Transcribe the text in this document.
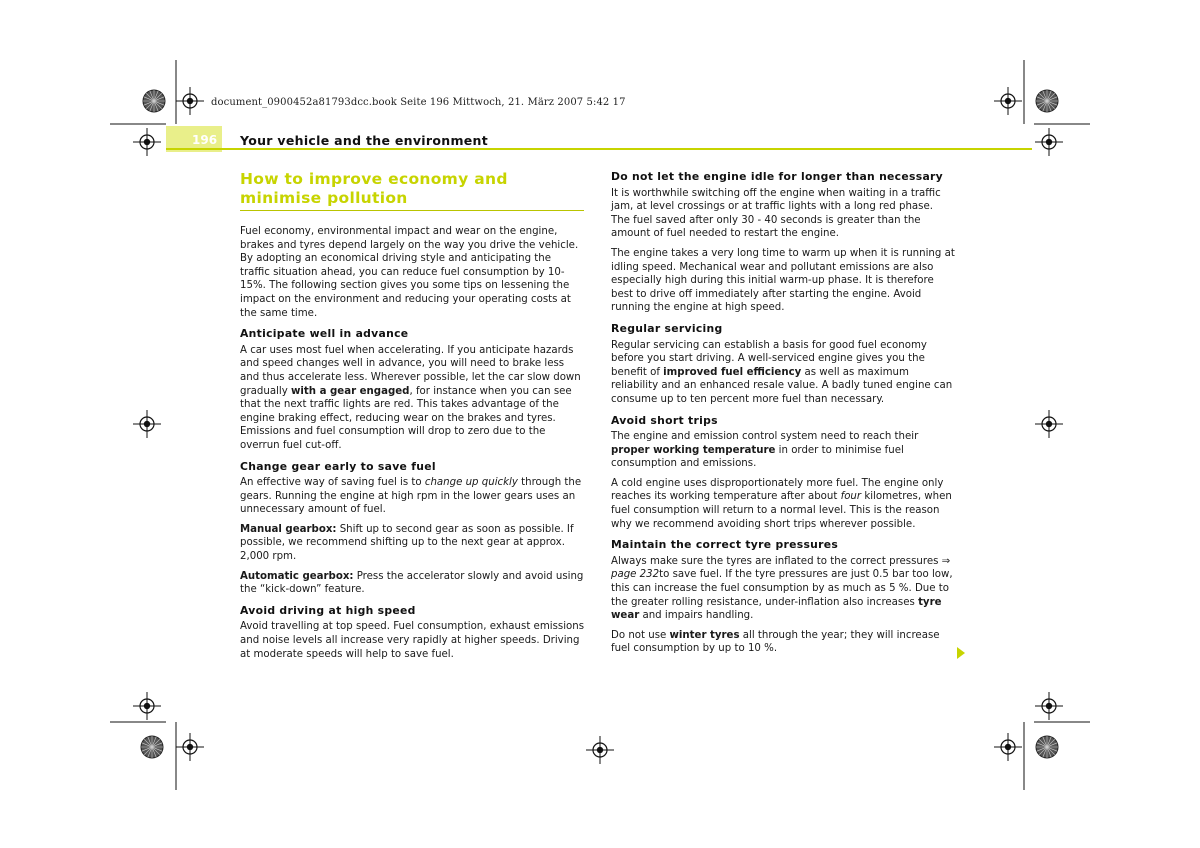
document_0900452a81793dcc.book Seite 196 Mittwoch, 21. März 2007 5:42 17
196 Your vehicle and the environment
How to improve economy and minimise pollution

Fuel economy, environmental impact and wear on the engine, brakes and tyres depend largely on the way you drive the vehicle. By adopting an economical driving style and anticipating the traffic situation ahead, you can reduce fuel consumption by 10-15%. The following section gives you some tips on lessening the impact on the environment and reducing your operating costs at the same time.

Anticipate well in advance

A car uses most fuel when accelerating. If you anticipate hazards and speed changes well in advance, you will need to brake less and thus accelerate less. Wherever possible, let the car slow down gradually with a gear engaged, for instance when you can see that the next traffic lights are red. This takes advantage of the engine braking effect, reducing wear on the brakes and tyres. Emissions and fuel consumption will drop to zero due to the overrun fuel cut-off.

Change gear early to save fuel

An effective way of saving fuel is to change up quickly through the gears. Running the engine at high rpm in the lower gears uses an unnecessary amount of fuel.

Manual gearbox: Shift up to second gear as soon as possible. If possible, we recommend shifting up to the next gear at approx. 2,000 rpm.

Automatic gearbox: Press the accelerator slowly and avoid using the “kick-down” feature.

Avoid driving at high speed

Avoid travelling at top speed. Fuel consumption, exhaust emissions and noise levels all increase very rapidly at higher speeds. Driving at moderate speeds will help to save fuel.

Do not let the engine idle for longer than necessary

It is worthwhile switching off the engine when waiting in a traffic jam, at level crossings or at traffic lights with a long red phase. The fuel saved after only 30 - 40 seconds is greater than the amount of fuel needed to restart the engine.

The engine takes a very long time to warm up when it is running at idling speed. Mechanical wear and pollutant emissions are also especially high during this initial warm-up phase. It is therefore best to drive off immediately after starting the engine. Avoid running the engine at high speed.

Regular servicing

Regular servicing can establish a basis for good fuel economy before you start driving. A well-serviced engine gives you the benefit of improved fuel efficiency as well as maximum reliability and an enhanced resale value. A badly tuned engine can consume up to ten percent more fuel than necessary.

Avoid short trips

The engine and emission control system need to reach their proper working temperature in order to minimise fuel consumption and emissions.

A cold engine uses disproportionately more fuel. The engine only reaches its working temperature after about four kilometres, when fuel consumption will return to a normal level. This is the reason why we recommend avoiding short trips wherever possible.

Maintain the correct tyre pressures

Always make sure the tyres are inflated to the correct pressures ⇒ page 232to save fuel. If the tyre pressures are just 0.5 bar too low, this can increase the fuel consumption by as much as 5 %. Due to the greater rolling resistance, under-inflation also increases tyre wear and impairs handling.

Do not use winter tyres all through the year; they will increase fuel consumption by up to 10 %.
